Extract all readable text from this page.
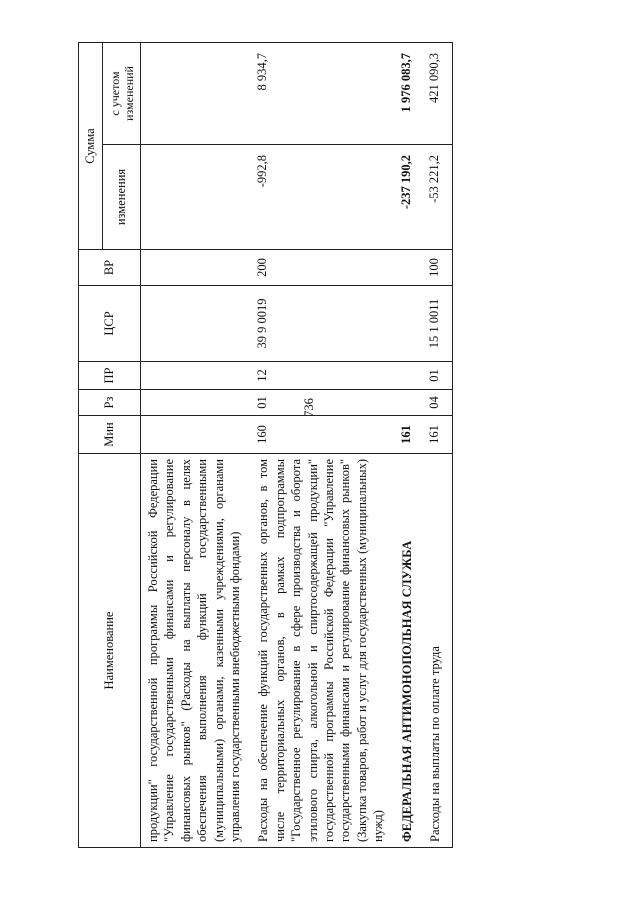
736
Наименование	Мин	Рз	ПР	ЦСР	ВР	Сумма	
						изменения	с учетом изменений
продукции" государственной программы Российской Федерации "Управление государственными финансами и регулирование финансовых рынков" (Расходы на выплаты персоналу в целях обеспечения выполнения функций государственными (муниципальными) органами, казенными учреждениями, органами управления государственными внебюджетными фондами)							
Расходы на обеспечение функций государственных органов, в том числе территориальных органов, в рамках подпрограммы "Государственное регулирование в сфере производства и оборота этилового спирта, алкогольной и спиртосодержащей продукции" государственной программы Российской Федерации "Управление государственными финансами и регулирование финансовых рынков" (Закупка товаров, работ и услуг для государственных (муниципальных) нужд)	160	01	12	39 9 0019	200	-992,8	8 934,7
ФЕДЕРАЛЬНАЯ АНТИМОНОПОЛЬНАЯ СЛУЖБА	161					-237 190,2	1 976 083,7
Расходы на выплаты по оплате труда	161	04	01	15 1 0011	100	-53 221,2	421 090,3
